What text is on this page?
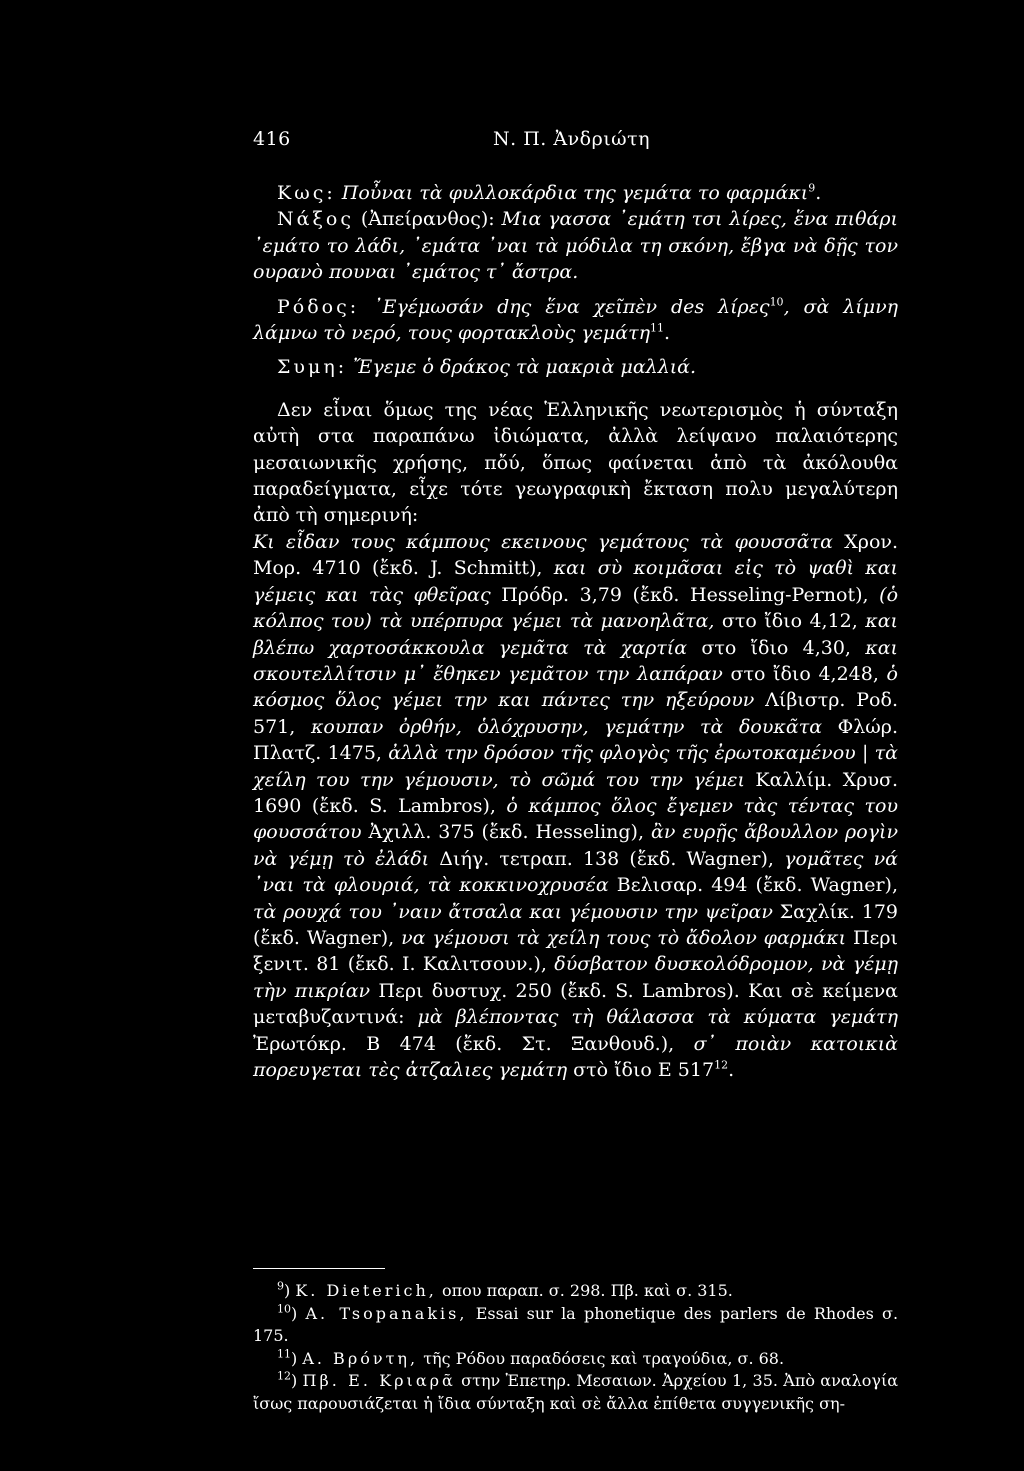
416	Ν. Π. Ἀνδριώτη

Κως: Ποὖναι τὰ φυλλοκάρδια της γεμάτα το φαρμάκι$^9$.

Νάξος (Ἀπείρανθος): Μια γασσα ᾿εμάτη τσι λίρες, ἕνα πιθάρι ᾿εμάτο το λάδι, ᾿εμάτα ᾿ναι τὰ μόδιλα τη σκόνη, ἔβγα νὰ δῇς τον ουρανὸ πουναι ᾿εμάτος τ᾿ ἄστρα.

Ρόδος: ᾿Εγέμωσάν dης ἕνα χεῖπὲν des λίρες$^{10}$, σὰ λίμνη λάμνω τὸ νερό, τους φορτακλοὺς γεμάτη$^{11}$.

Συμη: Ἔγεμε ὁ δράκος τὰ μακριὰ μαλλιά.

Δεν εἶναι ὅμως της νέας Ἑλληνικῆς νεωτερισμὸς ἡ σύνταξη αὐτὴ στα παραπάνω ἰδιώματα, ἀλλὰ λείψανο παλαιότερης μεσαιωνικῆς χρήσης, πὄύ, ὅπως φαίνεται ἀπὸ τὰ ἀκόλουθα παραδείγματα, εἶχε τότε γεωγραφικὴ ἔκταση πολυ μεγαλύτερη ἀπὸ τὴ σημερινή:

Κι εἶδαν τους κάμπους εκεινους γεμάτους τὰ φουσσᾶτα Χρον. Μορ. 4710 (ἔκδ. J. Schmitt), και σὺ κοιμᾶσαι εἰς τὸ ψαθὶ και γέμεις και τὰς φθεῖρας Πρόδρ. 3,79 (ἔκδ. Hesseling-Pernot), (ὁ κόλπος του) τὰ υπέρπυρα γέμει τὰ μανοηλᾶτα, στο ἴδιο 4,12, και βλέπω χαρτοσάκκουλα γεμᾶτα τὰ χαρτία στο ἴδιο 4,30, και σκουτελλίτσιν μ᾿ ἔθηκεν γεμᾶτον την λαπάραν στο ἴδιο 4,248, ὁ κόσμος ὅλος γέμει την και πάντες την ηξεύρουν Λίβιστρ. Ροδ. 571, κουπαν ὀρθήν, ὁλόχρυσην, γεμάτην τὰ δουκᾶτα Φλώρ. Πλατζ. 1475, ἀλλὰ την δρόσον τῆς φλογὸς τῆς ἐρωτοκαμένου | τὰ χείλη του την γέμουσιν, τὸ σῶμά του την γέμει Καλλίμ. Χρυσ. 1690 (ἔκδ. S. Lambros), ὁ κάμπος ὅλος ἔγεμεν τὰς τέντας του φουσσάτου Ἀχιλλ. 375 (ἔκδ. Hesseling), ἂν ευρῇς ἄβουλλον ρογὶν νὰ γέμῃ τὸ ἐλάδι Διήγ. τετραπ. 138 (ἔκδ. Wagner), γομᾶτες νά ᾿ναι τὰ φλουριά, τὰ κοκκινοχρυσέα Βελισαρ. 494 (ἔκδ. Wagner), τὰ ρουχά του ᾿ναιν ἄτσαλα και γέμουσιν την ψεῖραν Σαχλίκ. 179 (ἔκδ. Wagner), να γέμουσι τὰ χείλη τους τὸ ἄδολον φαρμάκι Περι ξενιτ. 81 (ἔκδ. Ι. Καλιτσουν.), δύσβατον δυσκολόδρομον, νὰ γέμῃ τὴν πικρίαν Περι δυστυχ. 250 (ἔκδ. S. Lambros). Και σὲ κείμενα μεταβυζαντινά: μὰ βλέποντας τὴ θάλασσα τὰ κύματα γεμάτη Ἐρωτόκρ. Β 474 (ἔκδ. Στ. Ξανθουδ.), σ᾿ ποιὰν κατοικιὰ πορευγεται τὲς ἀτζαλιες γεμάτη στὸ ἴδιο Ε $517^{12}$.

$^9$) K. Dieterich, οπου παραπ. σ. 298. Πβ. καὶ σ. 315.

$^{10}$) A. Tsopanakis, Essai sur la phonetique des parlers de Rhodes σ. 175.

$^{11}$) Α. Βρόντη, τῆς Ρόδου παραδόσεις καὶ τραγούδια, σ. 68.

$^{12}$) Πβ. Ε. Κριαρᾶ στην Ἐπετηρ. Μεσαιων. Ἀρχείου 1, 35. Ἀπὸ αναλογία ἴσως παρουσιάζεται ἡ ἴδια σύνταξη καὶ σὲ ἄλλα ἐπίθετα συγγενικῆς ση-
